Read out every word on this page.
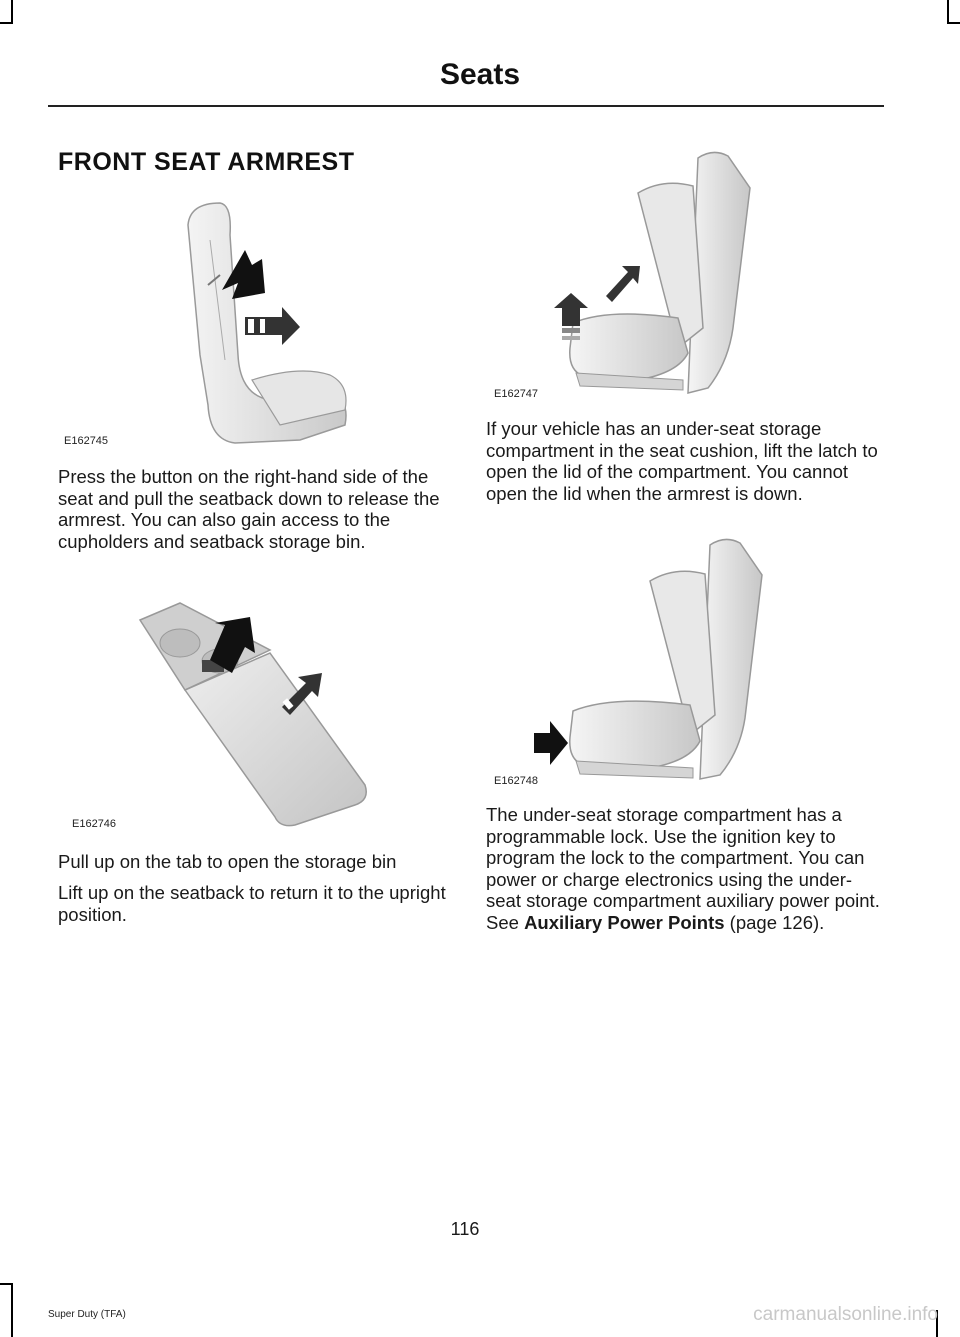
Seats
FRONT SEAT ARMREST
E162745
Press the button on the right-hand side of the seat and pull the seatback down to release the armrest. You can also gain access to the cupholders and seatback storage bin.
E162746
Pull up on the tab to open the storage bin
Lift up on the seatback to return it to the upright position.
E162747
If your vehicle has an under-seat storage compartment in the seat cushion, lift the latch to open the lid of the compartment. You cannot open the lid when the armrest is down.
E162748
The under-seat storage compartment has a programmable lock. Use the ignition key to program the lock to the compartment. You can power or charge electronics using the under-seat storage compartment auxiliary power point. See Auxiliary Power Points (page 126).
116
Super Duty (TFA)	carmanualsonline.info
